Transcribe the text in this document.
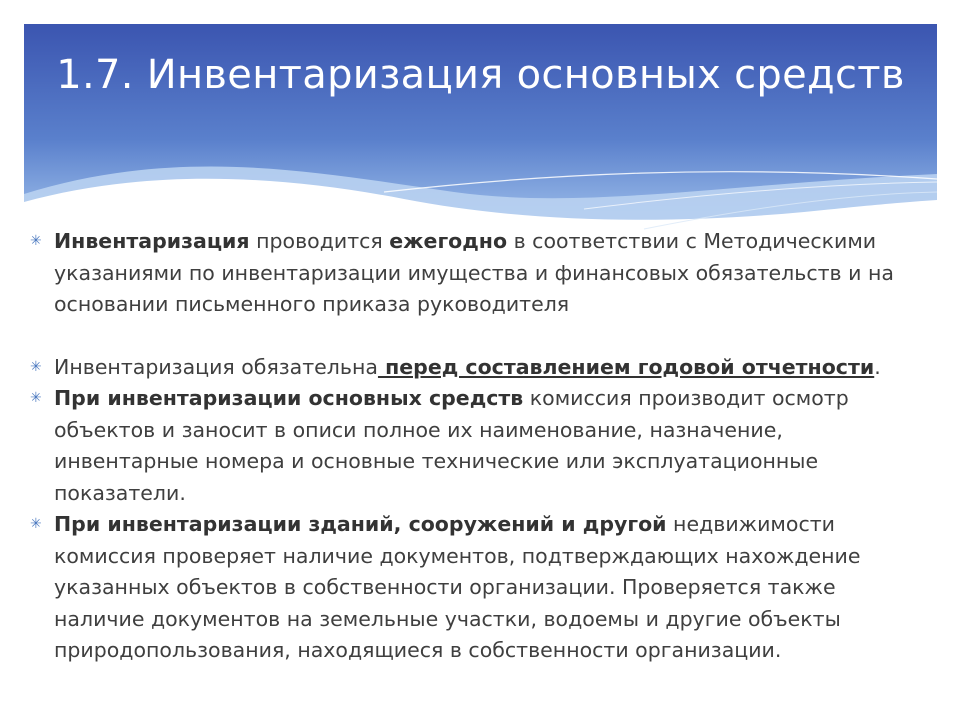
1.7. Инвентаризация основных средств

✳ Инвентаризация проводится ежегодно в соответствии с Методическими указаниями по инвентаризации имущества и финансовых обязательств и на основании письменного приказа руководителя

✳ Инвентаризация обязательна перед составлением годовой отчетности.

✳ При инвентаризации основных средств комиссия производит осмотр объектов и заносит в описи полное их наименование, назначение, инвентарные номера и основные технические или эксплуатационные показатели.

✳ При инвентаризации зданий, сооружений и другой недвижимости комиссия проверяет наличие документов, подтверждающих нахождение указанных объектов в собственности организации. Проверяется также наличие документов на земельные участки, водоемы и другие объекты природопользования, находящиеся в собственности организации.
